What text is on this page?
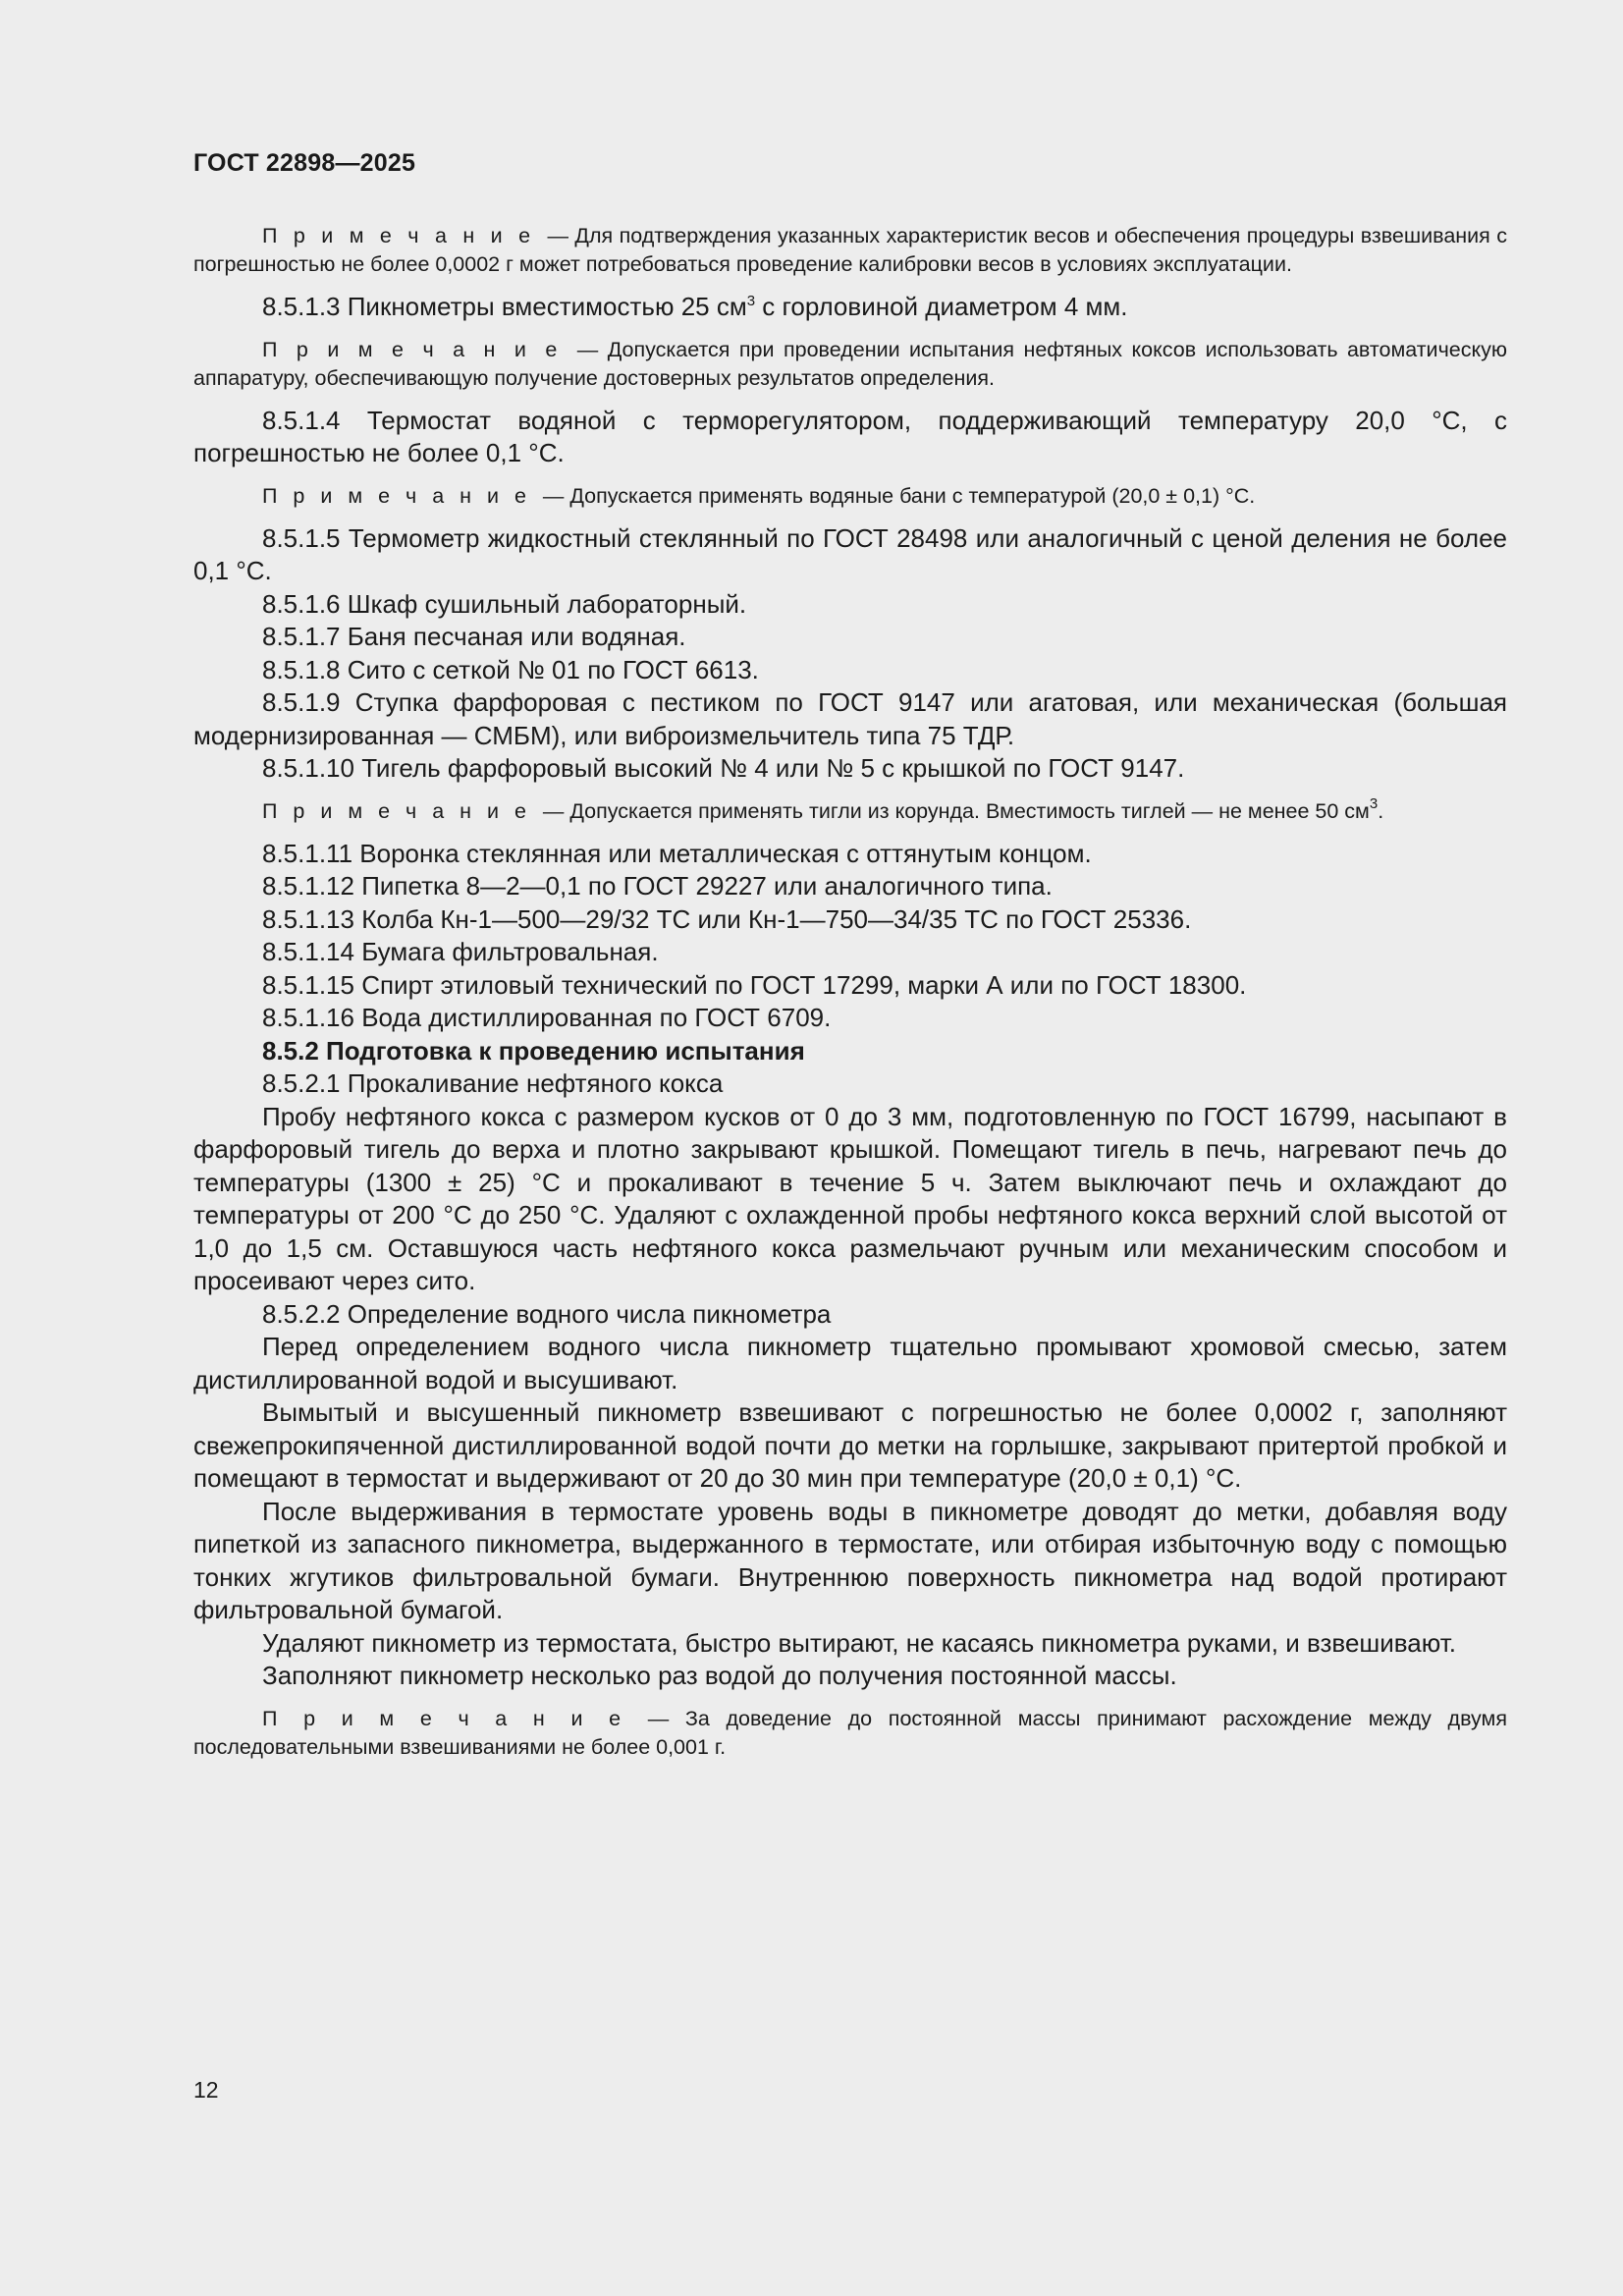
ГОСТ 22898—2025

П р и м е ч а н и е — Для подтверждения указанных характеристик весов и обеспечения процедуры взвешивания с погрешностью не более 0,0002 г может потребоваться проведение калибровки весов в условиях эксплуатации.

8.5.1.3 Пикнометры вместимостью 25 $см^3$ с горловиной диаметром 4 мм.

П р и м е ч а н и е — Допускается при проведении испытания нефтяных коксов использовать автоматическую аппаратуру, обеспечивающую получение достоверных результатов определения.

8.5.1.4 Термостат водяной с терморегулятором, поддерживающий температуру 20,0 °С, с погрешностью не более 0,1 °С.

П р и м е ч а н и е — Допускается применять водяные бани с температурой (20,0 ± 0,1) °С.

8.5.1.5 Термометр жидкостный стеклянный по ГОСТ 28498 или аналогичный с ценой деления не более 0,1 °С.

8.5.1.6 Шкаф сушильный лабораторный.

8.5.1.7 Баня песчаная или водяная.

8.5.1.8 Сито с сеткой № 01 по ГОСТ 6613.

8.5.1.9 Ступка фарфоровая с пестиком по ГОСТ 9147 или агатовая, или механическая (большая модернизированная — СМБМ), или виброизмельчитель типа 75 ТДР.

8.5.1.10 Тигель фарфоровый высокий № 4 или № 5 с крышкой по ГОСТ 9147.

П р и м е ч а н и е — Допускается применять тигли из корунда. Вместимость тиглей — не менее 50 $см^3$.

8.5.1.11 Воронка стеклянная или металлическая с оттянутым концом.

8.5.1.12 Пипетка 8—2—0,1 по ГОСТ 29227 или аналогичного типа.

8.5.1.13 Колба Кн-1—500—29/32 ТС или Кн-1—750—34/35 ТС по ГОСТ 25336.

8.5.1.14 Бумага фильтровальная.

8.5.1.15 Спирт этиловый технический по ГОСТ 17299, марки А или по ГОСТ 18300.

8.5.1.16 Вода дистиллированная по ГОСТ 6709.

8.5.2 Подготовка к проведению испытания

8.5.2.1 Прокаливание нефтяного кокса

Пробу нефтяного кокса с размером кусков от 0 до 3 мм, подготовленную по ГОСТ 16799, насыпают в фарфоровый тигель до верха и плотно закрывают крышкой. Помещают тигель в печь, нагревают печь до температуры (1300 ± 25) °С и прокаливают в течение 5 ч. Затем выключают печь и охлаждают до температуры от 200 °С до 250 °С. Удаляют с охлажденной пробы нефтяного кокса верхний слой высотой от 1,0 до 1,5 см. Оставшуюся часть нефтяного кокса размельчают ручным или механическим способом и просеивают через сито.

8.5.2.2 Определение водного числа пикнометра

Перед определением водного числа пикнометр тщательно промывают хромовой смесью, затем дистиллированной водой и высушивают.

Вымытый и высушенный пикнометр взвешивают с погрешностью не более 0,0002 г, заполняют свежепрокипяченной дистиллированной водой почти до метки на горлышке, закрывают притертой пробкой и помещают в термостат и выдерживают от 20 до 30 мин при температуре (20,0 ± 0,1) °С.

После выдерживания в термостате уровень воды в пикнометре доводят до метки, добавляя воду пипеткой из запасного пикнометра, выдержанного в термостате, или отбирая избыточную воду с помощью тонких жгутиков фильтровальной бумаги. Внутреннюю поверхность пикнометра над водой протирают фильтровальной бумагой.

Удаляют пикнометр из термостата, быстро вытирают, не касаясь пикнометра руками, и взвешивают.

Заполняют пикнометр несколько раз водой до получения постоянной массы.

П р и м е ч а н и е — За доведение до постоянной массы принимают расхождение между двумя последовательными взвешиваниями не более 0,001 г.

12
